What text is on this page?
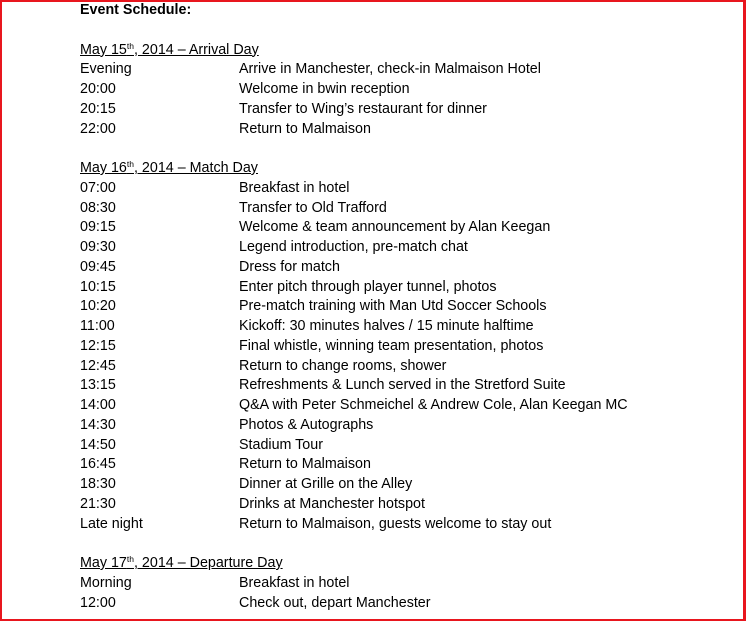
Event Schedule:
May 15th, 2014 – Arrival Day
Evening	Arrive in Manchester, check-in Malmaison Hotel
20:00	Welcome in bwin reception
20:15	Transfer to Wing’s restaurant for dinner
22:00	Return to Malmaison
May 16th, 2014 – Match Day
07:00	Breakfast in hotel
08:30	Transfer to Old Trafford
09:15	Welcome & team announcement by Alan Keegan
09:30	Legend introduction, pre-match chat
09:45	Dress for match
10:15	Enter pitch through player tunnel, photos
10:20	Pre-match training with Man Utd Soccer Schools
11:00	Kickoff: 30 minutes halves / 15 minute halftime
12:15	Final whistle, winning team presentation, photos
12:45	Return to change rooms, shower
13:15	Refreshments & Lunch served in the Stretford Suite
14:00	Q&A with Peter Schmeichel & Andrew Cole, Alan Keegan MC
14:30	Photos & Autographs
14:50	Stadium Tour
16:45	Return to Malmaison
18:30	Dinner at Grille on the Alley
21:30	Drinks at Manchester hotspot
Late night	Return to Malmaison, guests welcome to stay out
May 17th, 2014 – Departure Day
Morning	Breakfast in hotel
12:00	Check out, depart Manchester
